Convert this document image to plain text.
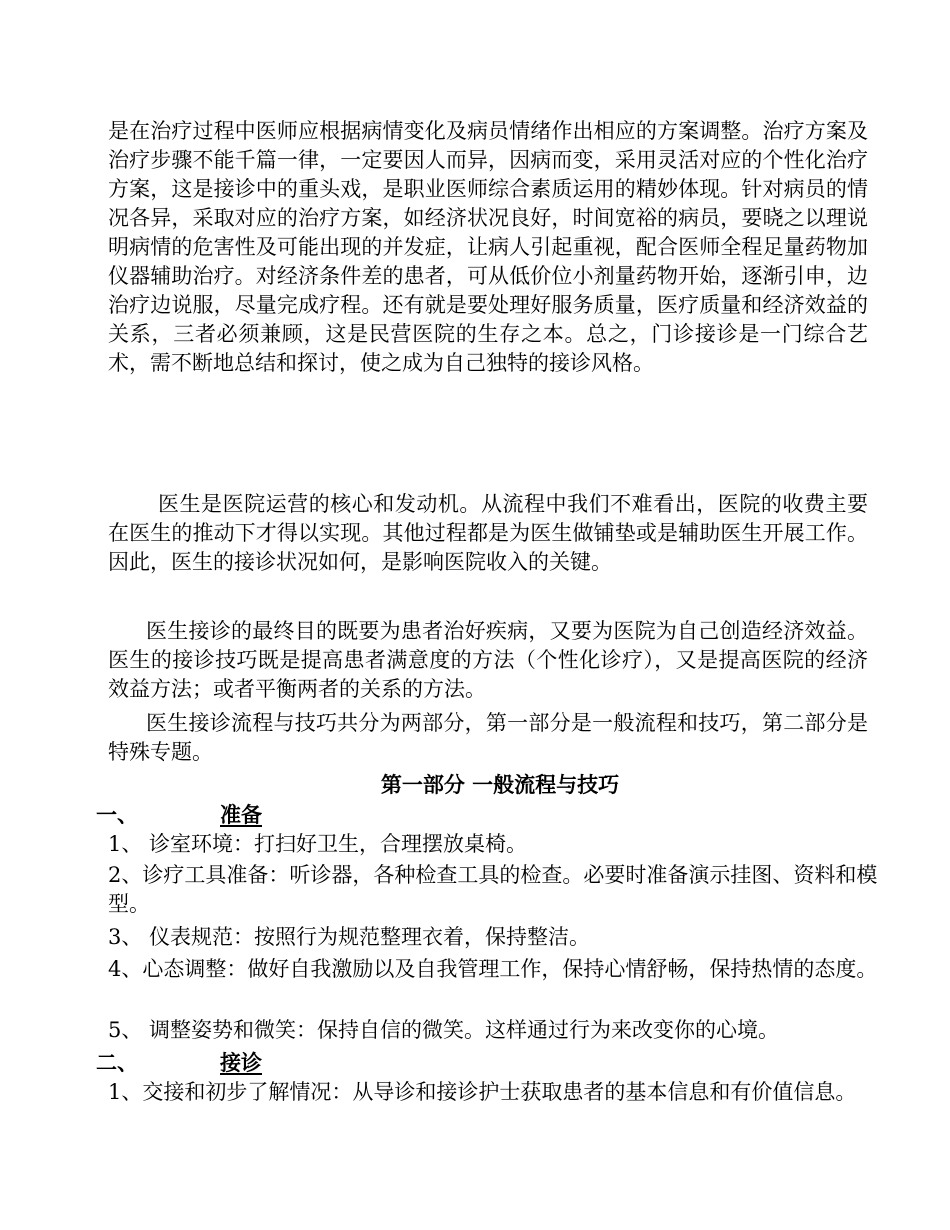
是在治疗过程中医师应根据病情变化及病员情绪作出相应的方案调整。治疗方案及治疗步骤不能千篇一律，一定要因人而异，因病而变，采用灵活对应的个性化治疗方案，这是接诊中的重头戏，是职业医师综合素质运用的精妙体现。针对病员的情况各异，采取对应的治疗方案，如经济状况良好，时间宽裕的病员，要晓之以理说明病情的危害性及可能出现的并发症，让病人引起重视，配合医师全程足量药物加仪器辅助治疗。对经济条件差的患者，可从低价位小剂量药物开始，逐渐引申，边治疗边说服，尽量完成疗程。还有就是要处理好服务质量，医疗质量和经济效益的关系，三者必须兼顾，这是民营医院的生存之本。总之，门诊接诊是一门综合艺术，需不断地总结和探讨，使之成为自己独特的接诊风格。

医生是医院运营的核心和发动机。从流程中我们不难看出，医院的收费主要在医生的推动下才得以实现。其他过程都是为医生做铺垫或是辅助医生开展工作。因此，医生的接诊状况如何，是影响医院收入的关键。

医生接诊的最终目的既要为患者治好疾病，又要为医院为自己创造经济效益。医生的接诊技巧既是提高患者满意度的方法（个性化诊疗），又是提高医院的经济效益方法；或者平衡两者的关系的方法。

医生接诊流程与技巧共分为两部分，第一部分是一般流程和技巧，第二部分是特殊专题。

第一部分 一般流程与技巧
一、	准备

1、 诊室环境：打扫好卫生，合理摆放桌椅。

2、诊疗工具准备：听诊器，各种检查工具的检查。必要时准备演示挂图、资料和模型。

3、 仪表规范：按照行为规范整理衣着，保持整洁。

4、心态调整：做好自我激励以及自我管理工作，保持心情舒畅，保持热情的态度。

5、 调整姿势和微笑：保持自信的微笑。这样通过行为来改变你的心境。

二、	接诊

1、交接和初步了解情况：从导诊和接诊护士获取患者的基本信息和有价值信息。
